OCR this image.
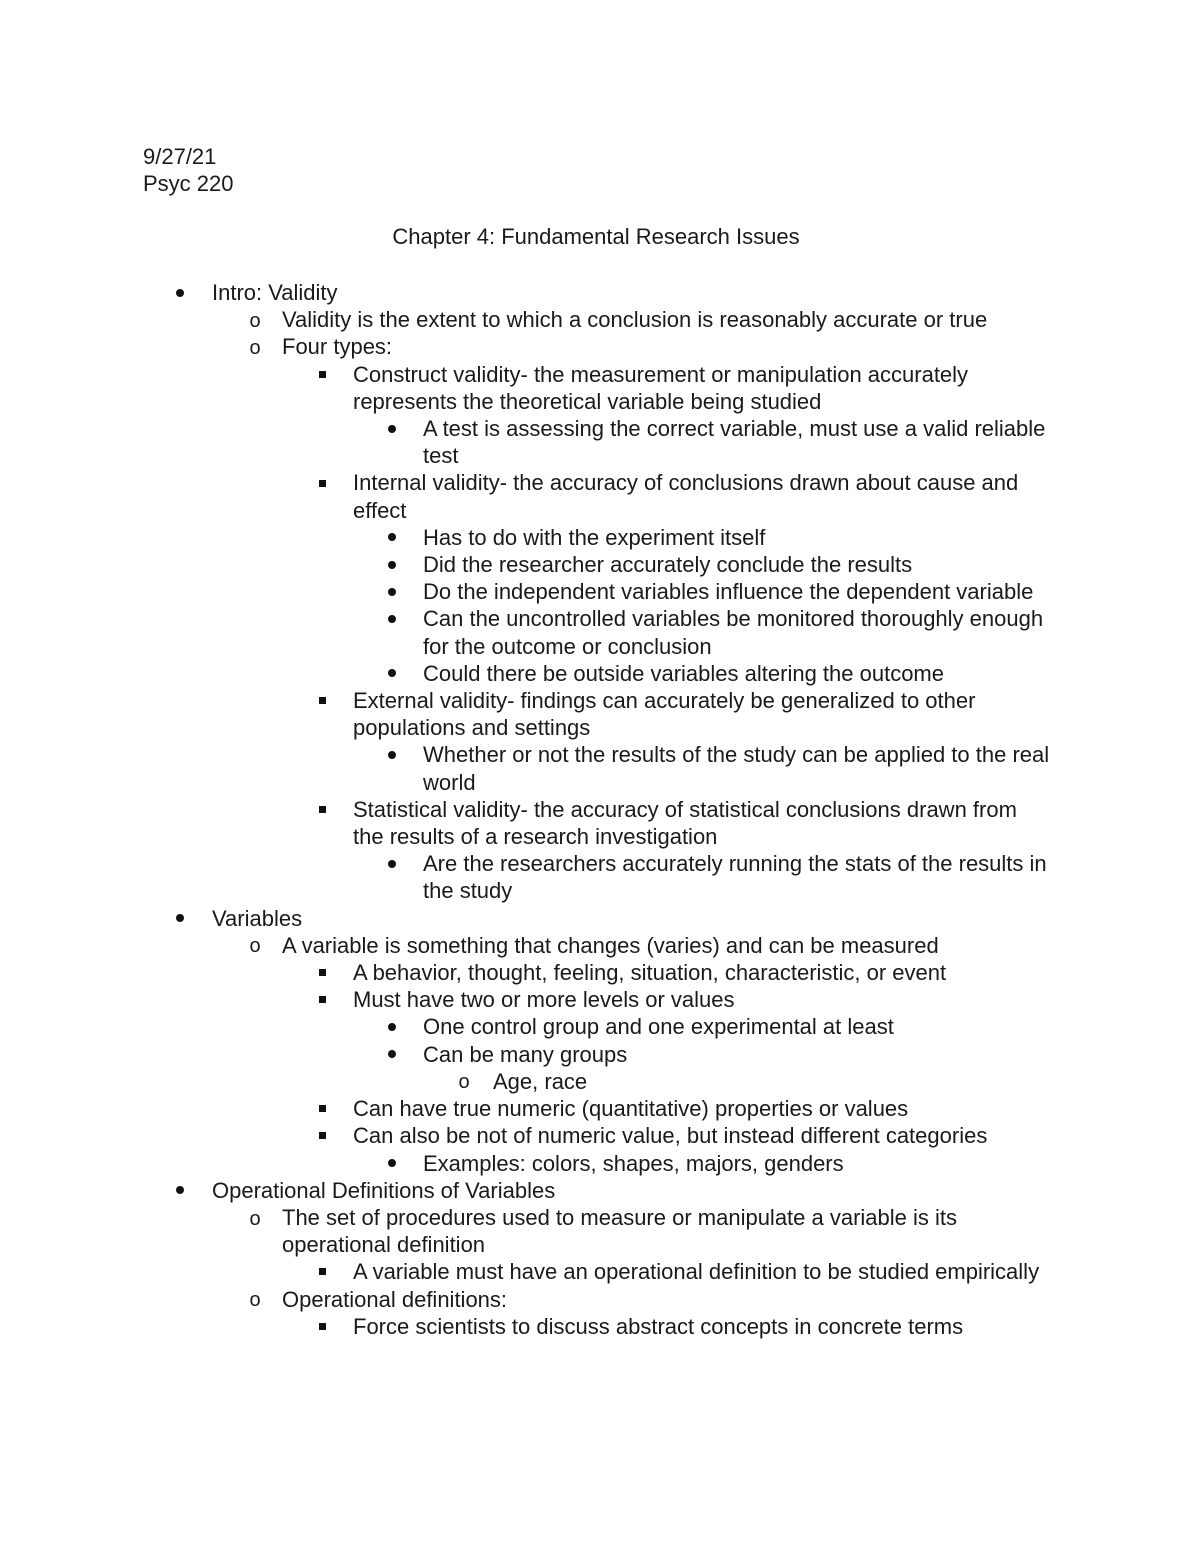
9/27/21
Psyc 220
Chapter 4: Fundamental Research Issues
Intro: Validity
o Validity is the extent to which a conclusion is reasonably accurate or true
o Four types:
Construct validity- the measurement or manipulation accurately represents the theoretical variable being studied
A test is assessing the correct variable, must use a valid reliable test
Internal validity- the accuracy of conclusions drawn about cause and effect
Has to do with the experiment itself
Did the researcher accurately conclude the results
Do the independent variables influence the dependent variable
Can the uncontrolled variables be monitored thoroughly enough for the outcome or conclusion
Could there be outside variables altering the outcome
External validity- findings can accurately be generalized to other populations and settings
Whether or not the results of the study can be applied to the real world
Statistical validity- the accuracy of statistical conclusions drawn from the results of a research investigation
Are the researchers accurately running the stats of the results in the study
Variables
o A variable is something that changes (varies) and can be measured
A behavior, thought, feeling, situation, characteristic, or event
Must have two or more levels or values
One control group and one experimental at least
Can be many groups
o Age, race
Can have true numeric (quantitative) properties or values
Can also be not of numeric value, but instead different categories
Examples: colors, shapes, majors, genders
Operational Definitions of Variables
o The set of procedures used to measure or manipulate a variable is its operational definition
A variable must have an operational definition to be studied empirically
o Operational definitions:
Force scientists to discuss abstract concepts in concrete terms
